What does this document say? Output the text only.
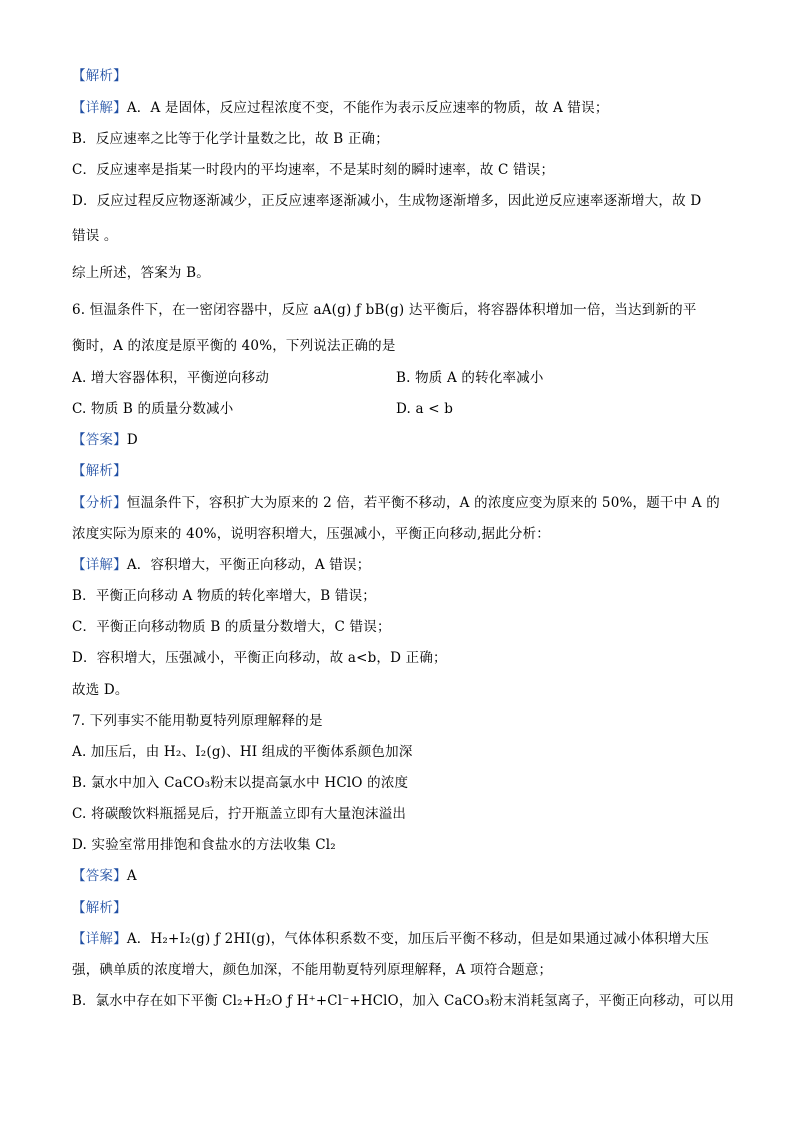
【解析】
【详解】A．A 是固体，反应过程浓度不变，不能作为表示反应速率的物质，故 A 错误；
B．反应速率之比等于化学计量数之比，故 B 正确；
C．反应速率是指某一时段内的平均速率，不是某时刻的瞬时速率，故 C 错误；
D．反应过程反应物逐渐减少，正反应速率逐渐减小，生成物逐渐增多，因此逆反应速率逐渐增大，故 D
错误 。
综上所述，答案为 B。
6. 恒温条件下，在一密闭容器中，反应 aA(g) ƒ bB(g) 达平衡后，将容器体积增加一倍，当达到新的平
衡时，A 的浓度是原平衡的 40%，下列说法正确的是
A. 增大容器体积，平衡逆向移动	B. 物质 A 的转化率减小
C. 物质 B 的质量分数减小	D. a < b
【答案】D
【解析】
【分析】恒温条件下，容积扩大为原来的 2 倍，若平衡不移动，A 的浓度应变为原来的 50%，题干中 A 的
浓度实际为原来的 40%，说明容积增大，压强减小，平衡正向移动,据此分析：
【详解】A．容积增大，平衡正向移动，A 错误；
B．平衡正向移动 A 物质的转化率增大，B 错误；
C．平衡正向移动物质 B 的质量分数增大，C 错误；
D．容积增大，压强减小，平衡正向移动，故 a<b，D 正确；
故选 D。
7. 下列事实不能用勒夏特列原理解释的是
A. 加压后，由 H₂、I₂(g)、HI 组成的平衡体系颜色加深
B. 氯水中加入 CaCO₃粉末以提高氯水中 HClO 的浓度
C. 将碳酸饮料瓶摇晃后，拧开瓶盖立即有大量泡沫溢出
D. 实验室常用排饱和食盐水的方法收集 Cl₂
【答案】A
【解析】
【详解】A．H₂+I₂(g) ƒ 2HI(g)，气体体积系数不变，加压后平衡不移动，但是如果通过减小体积增大压
强，碘单质的浓度增大，颜色加深，不能用勒夏特列原理解释，A 项符合题意；
B．氯水中存在如下平衡 Cl₂+H₂O ƒ H⁺+Cl⁻+HClO，加入 CaCO₃粉末消耗氢离子，平衡正向移动，可以用
